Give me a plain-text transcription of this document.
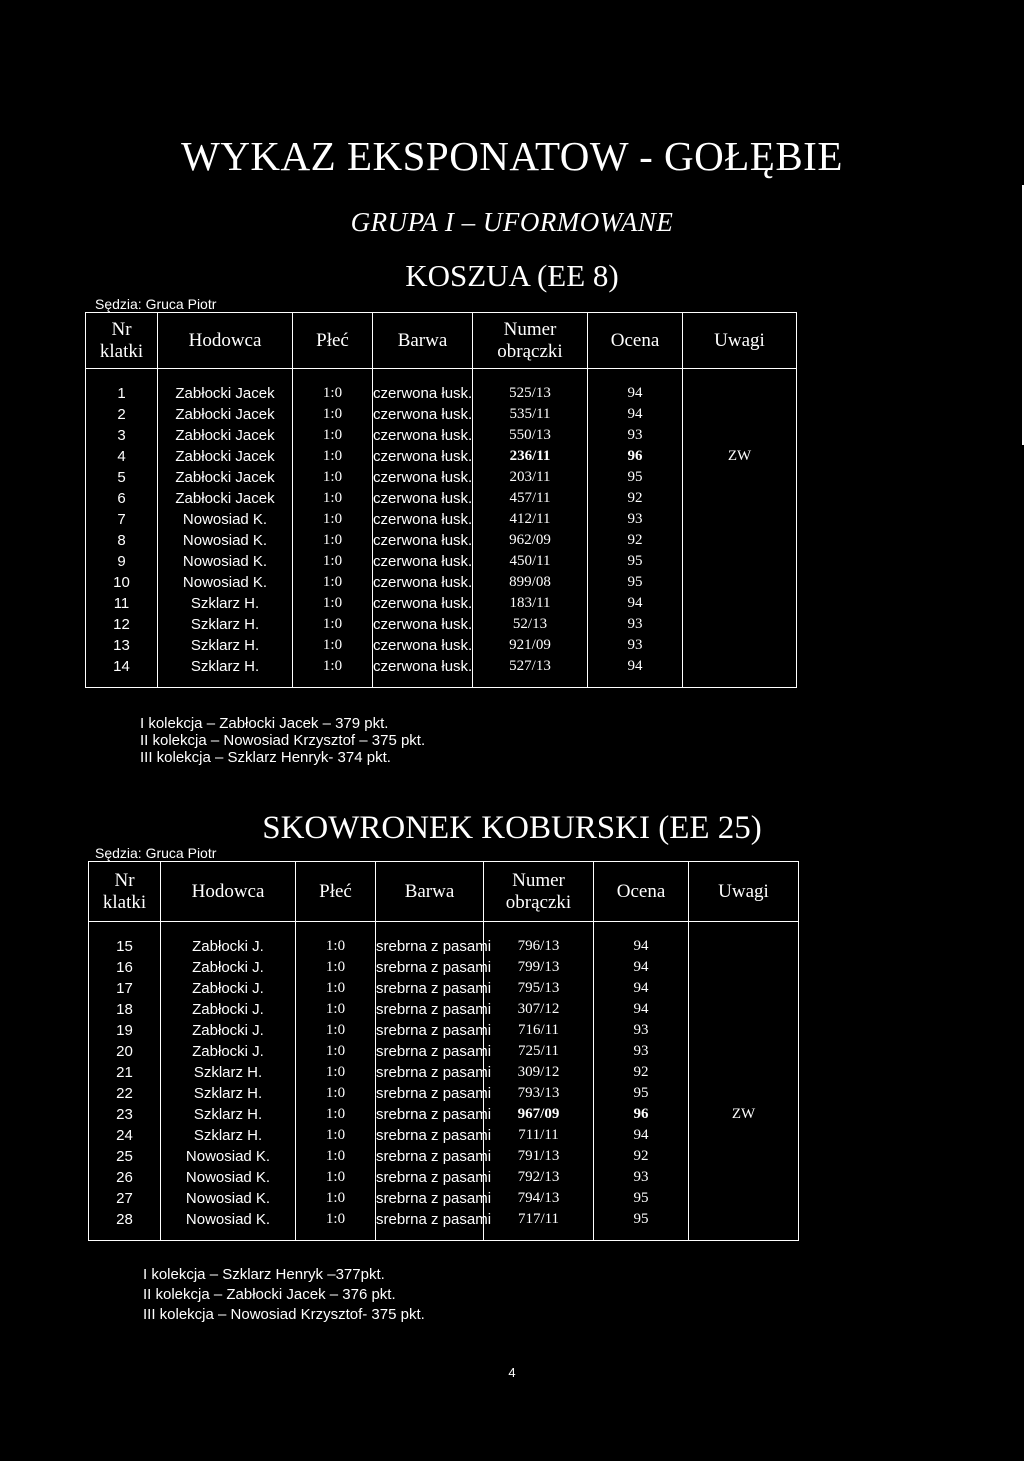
WYKAZ EKSPONATOW - GOŁĘBIE
GRUPA I – UFORMOWANE
KOSZUA (EE 8)
Sędzia: Gruca Piotr
Nr
klatki	Hodowca	Płeć	Barwa	Numer
obrączki	Ocena	Uwagi

1	Zabłocki Jacek	1:0	czerwona łusk.	525/13	94	
2	Zabłocki Jacek	1:0	czerwona łusk.	535/11	94	
3	Zabłocki Jacek	1:0	czerwona łusk.	550/13	93	
4	Zabłocki Jacek	1:0	czerwona łusk.	236/11	96	ZW
5	Zabłocki Jacek	1:0	czerwona łusk.	203/11	95	
6	Zabłocki Jacek	1:0	czerwona łusk.	457/11	92	
7	Nowosiad K.	1:0	czerwona łusk.	412/11	93	
8	Nowosiad K.	1:0	czerwona łusk.	962/09	92	
9	Nowosiad K.	1:0	czerwona łusk.	450/11	95	
10	Nowosiad K.	1:0	czerwona łusk.	899/08	95	
11	Szklarz H.	1:0	czerwona łusk.	183/11	94	
12	Szklarz H.	1:0	czerwona łusk.	52/13	93	
13	Szklarz H.	1:0	czerwona łusk.	921/09	93	
14	Szklarz H.	1:0	czerwona łusk.	527/13	94	

I kolekcja – Zabłocki Jacek – 379 pkt.
II kolekcja – Nowosiad Krzysztof – 375 pkt.
III kolekcja – Szklarz Henryk- 374 pkt.
SKOWRONEK KOBURSKI (EE 25)
Sędzia: Gruca Piotr
Nr
klatki	Hodowca	Płeć	Barwa	Numer
obrączki	Ocena	Uwagi

15	Zabłocki J.	1:0	srebrna z pasami	796/13	94	
16	Zabłocki J.	1:0	srebrna z pasami	799/13	94	
17	Zabłocki J.	1:0	srebrna z pasami	795/13	94	
18	Zabłocki J.	1:0	srebrna z pasami	307/12	94	
19	Zabłocki J.	1:0	srebrna z pasami	716/11	93	
20	Zabłocki J.	1:0	srebrna z pasami	725/11	93	
21	Szklarz H.	1:0	srebrna z pasami	309/12	92	
22	Szklarz H.	1:0	srebrna z pasami	793/13	95	
23	Szklarz H.	1:0	srebrna z pasami	967/09	96	ZW
24	Szklarz H.	1:0	srebrna z pasami	711/11	94	
25	Nowosiad K.	1:0	srebrna z pasami	791/13	92	
26	Nowosiad K.	1:0	srebrna z pasami	792/13	93	
27	Nowosiad K.	1:0	srebrna z pasami	794/13	95	
28	Nowosiad K.	1:0	srebrna z pasami	717/11	95	

I kolekcja – Szklarz Henryk –377pkt.
II kolekcja – Zabłocki Jacek – 376 pkt.
III kolekcja – Nowosiad Krzysztof- 375 pkt.
4
